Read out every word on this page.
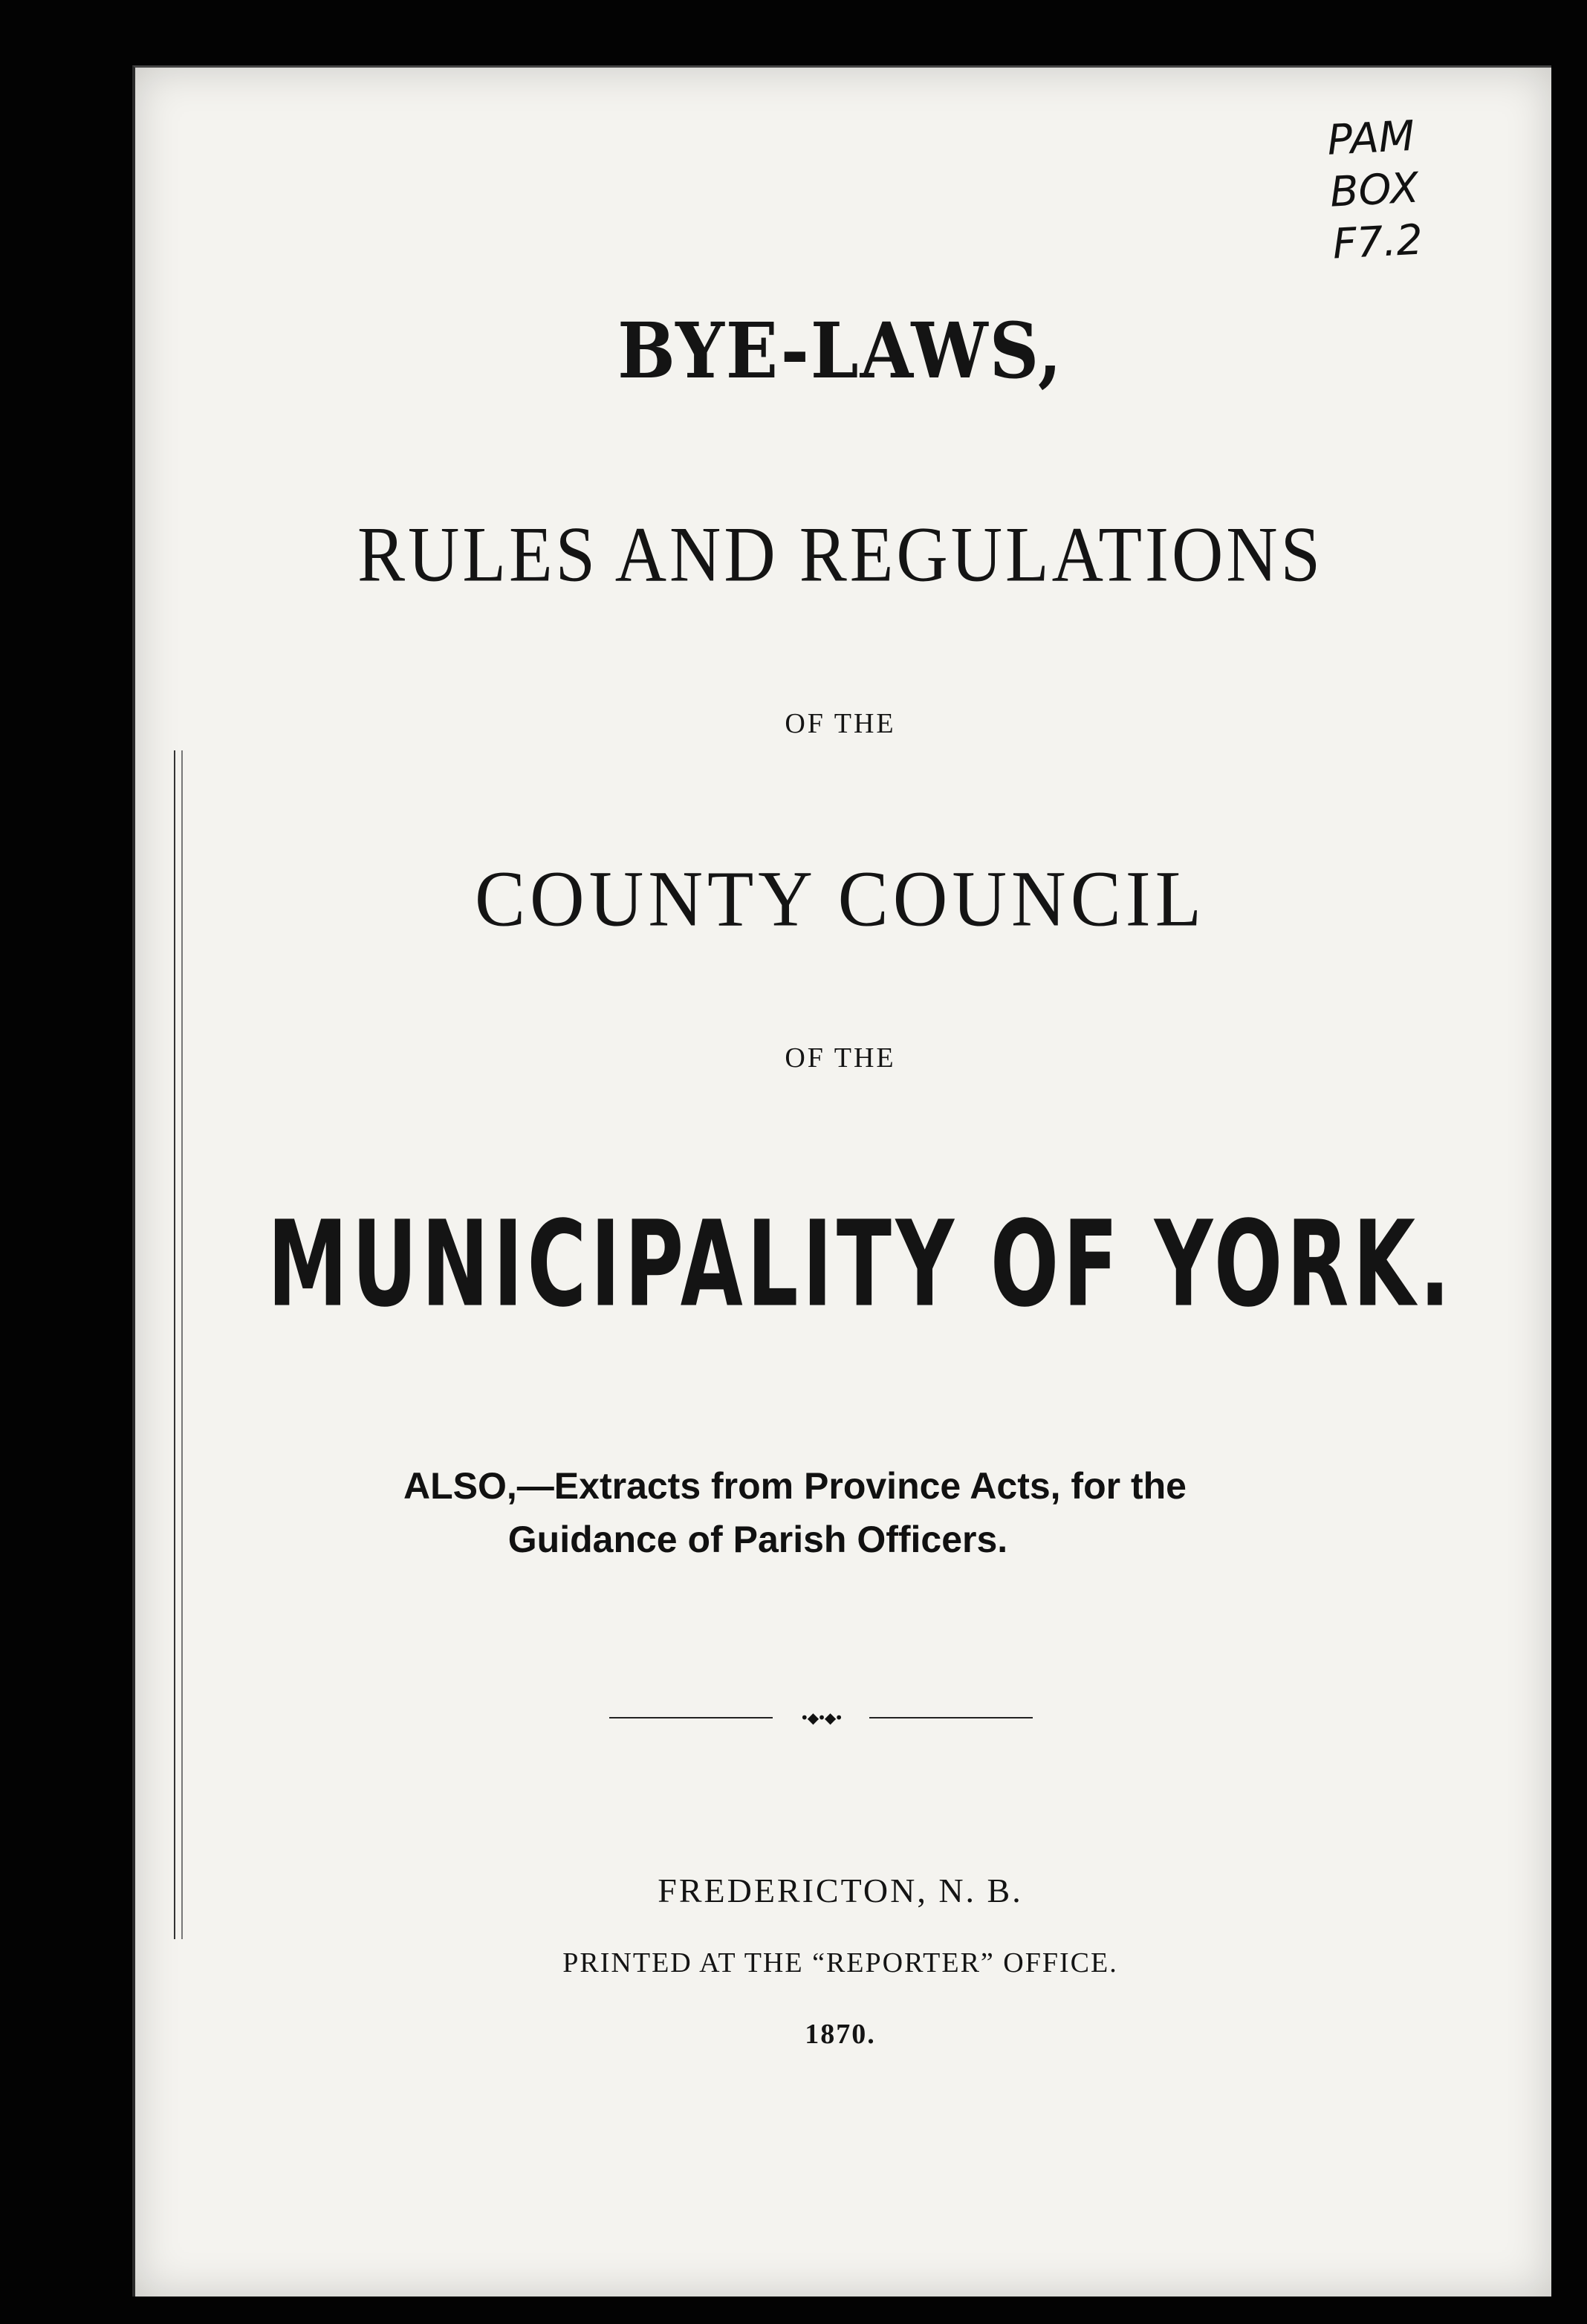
PAM
BOX
F7.2
BYE-LAWS,
RULES AND REGULATIONS
OF THE
COUNTY COUNCIL
OF THE
MUNICIPALITY OF YORK.
ALSO,—Extracts from Province Acts, for the
Guidance of Parish Officers.
•◆•◆•
FREDERICTON, N. B.
PRINTED AT THE “REPORTER” OFFICE.
1870.
